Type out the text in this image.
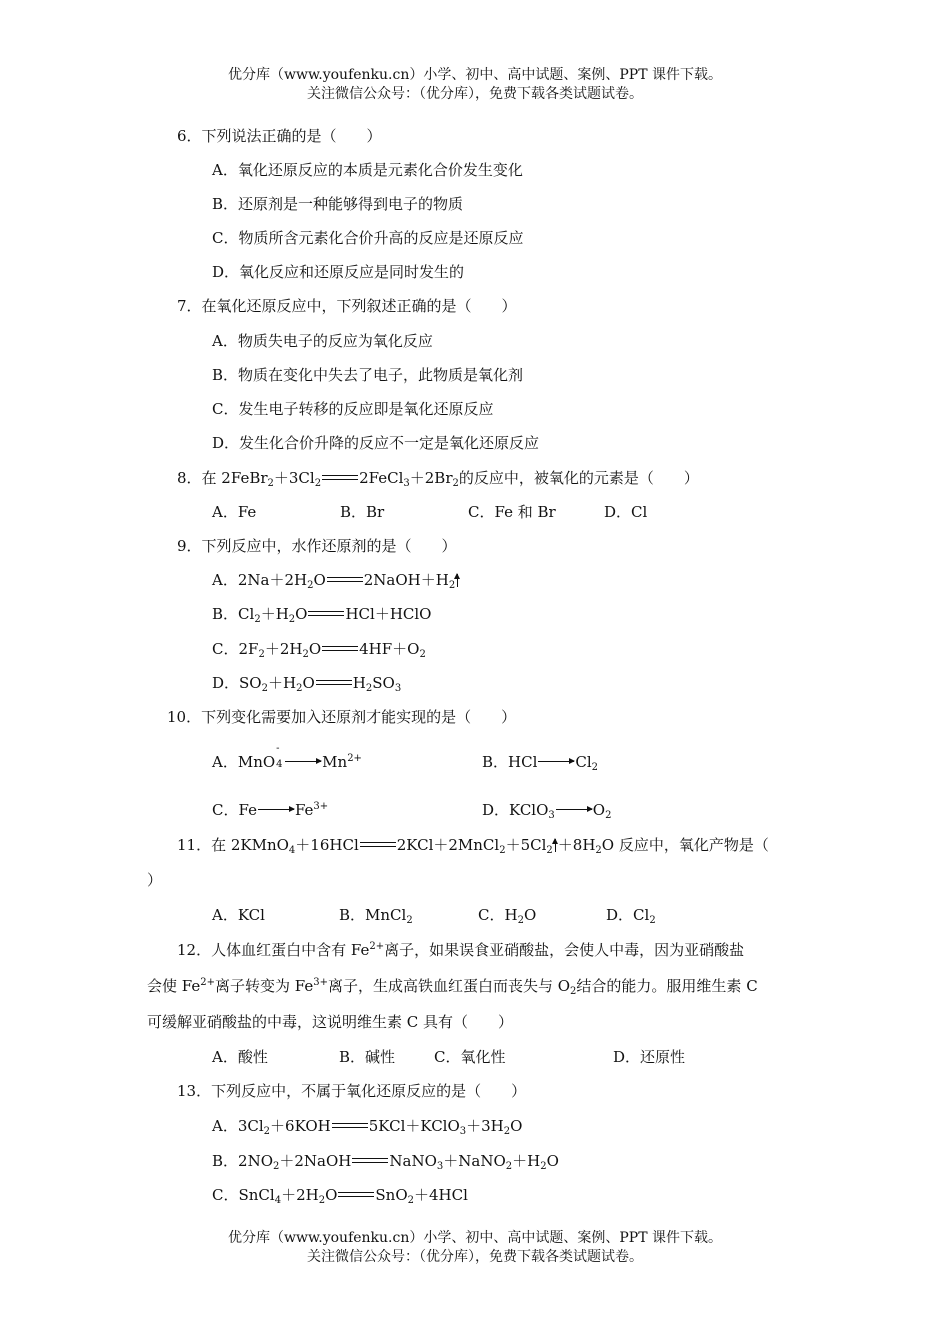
优分库（www.youfenku.cn）小学、初中、高中试题、案例、PPT 课件下载。
关注微信公众号：（优分库），免费下载各类试题试卷。
6．下列说法正确的是（　　）
A．氧化还原反应的本质是元素化合价发生变化
B．还原剂是一种能够得到电子的物质
C．物质所含元素化合价升高的反应是还原反应
D．氧化反应和还原反应是同时发生的
7．在氧化还原反应中，下列叙述正确的是（　　）
A．物质失电子的反应为氧化反应
B．物质在变化中失去了电子，此物质是氧化剂
C．发生电子转移的反应即是氧化还原反应
D．发生化合价升降的反应不一定是氧化还原反应
8．在 $2FeBr_2+3Cl_2$	$2FeCl_3+2Br_2$的反应中，被氧化的元素是（　　）
A．Fe	B．Br	C．Fe 和 Br	D．Cl
9．下列反应中，水作还原剂的是（　　）
A．$2Na+2H_2O$	$2NaOH+H_2$
B．$Cl_2+H_2O$	HCl＋HClO
C．$2F_2+2H_2O$	$4HF+O_2$
D．$SO_2+H_2O$	$H_2SO_3$
10．下列变化需要加入还原剂才能实现的是（　　）
A．MnO
-
$4 \to Mn^{2+}$	B．$HCl\to Cl_2$
C．$Fe\to Fe^{3+}$	D．KClO$_3$ $\to O_2$
11．在 2KMnO$_4$＋16HCl	$2KCl+2MnCl_2+5Cl_2 +8H_2O$ 反应中，氧化产物是（
）
A．KCl	B．MnCl$_2$	C．$H_2O$	D．$Cl_2$
12．人体血红蛋白中含有 $Fe^{2+}$离子，如果误食亚硝酸盐，会使人中毒，因为亚硝酸盐
会使 $Fe^{2+}$离子转变为 $Fe^{3+}$离子，生成高铁血红蛋白而丧失与 $O_2$结合的能力。服用维生素 C
可缓解亚硝酸盐的中毒，这说明维生素 C 具有（　　）
A．酸性	B．碱性	C．氧化性	D．还原性
13．下列反应中，不属于氧化还原反应的是（　　）
A．$3Cl_2+6KOH$	$5KCl+KClO_3+3H_2O$
B．$2NO_2+2NaOH$	$NaNO_3+NaNO_2+H_2O$
C．$SnCl_4+2H_2O$	SnO$_2$＋4HCl
优分库（www.youfenku.cn）小学、初中、高中试题、案例、PPT 课件下载。
关注微信公众号：（优分库），免费下载各类试题试卷。
